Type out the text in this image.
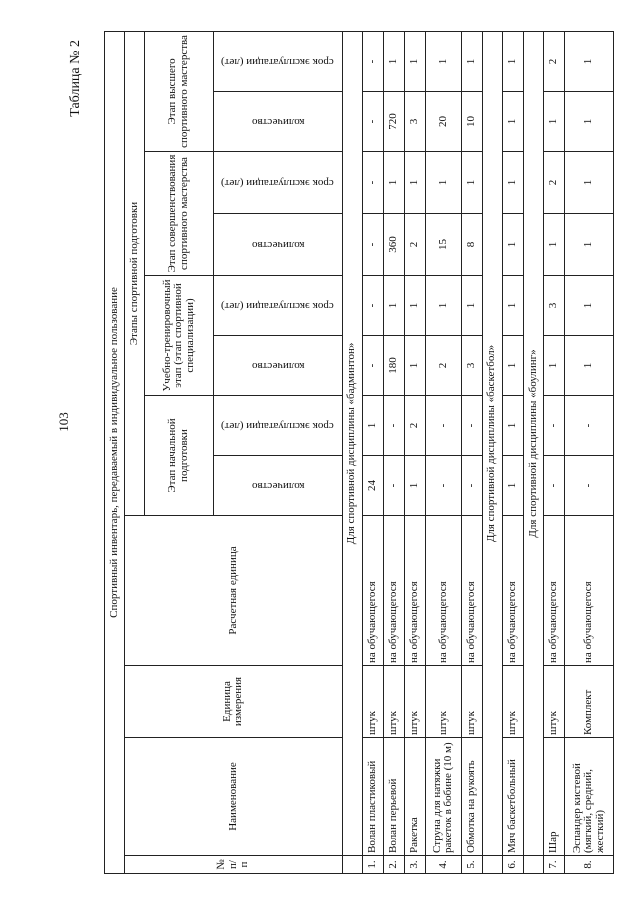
103
Таблица № 2
Спортивный инвентарь, передаваемый в индивидуальное пользование											
№ п/п	Наименование	Единица измерения	Расчетная единица	Этапы спортивной подготовки							
				Этап начальной подготовки		Учебно-тренировочный этап (этап спортивной специализации)		Этап совершенствования спортивного мастерства		Этап высшего спортивного мастерства	

				количество	срок эксплуатации (лет)	количество	срок эксплуатации (лет)	количество	срок эксплуатации (лет)	количество	срок эксплуатации (лет)

	Для спортивной дисциплины «бадминтон»										
1.	Волан пластиковый	штук	на обучающегося	24	1	-	-	-	-	-	-
2.	Волан перьевой	штук	на обучающегося	-	-	180	1	360	1	720	1
3.	Ракетка	штук	на обучающегося	1	2	1	1	2	1	3	1
4.	Струна для натяжки ракеток в бобине (10 м)	штук	на обучающегося	-	-	2	1	15	1	20	1
5.	Обмотка на рукоять	штук	на обучающегося	-	-	3	1	8	1	10	1
	Для спортивной дисциплины «баскетбол»										
6.	Мяч баскетбольный	штук	на обучающегося	1	1	1	1	1	1	1	1
	Для спортивной дисциплины «боулинг»										
7.	Шар	штук	на обучающегося	-	-	1	3	1	2	1	2
8.	Эспандер кистевой (мягкий, средний, жесткий)	Комплект	на обучающегося	-	-	1	1	1	1	1	1
